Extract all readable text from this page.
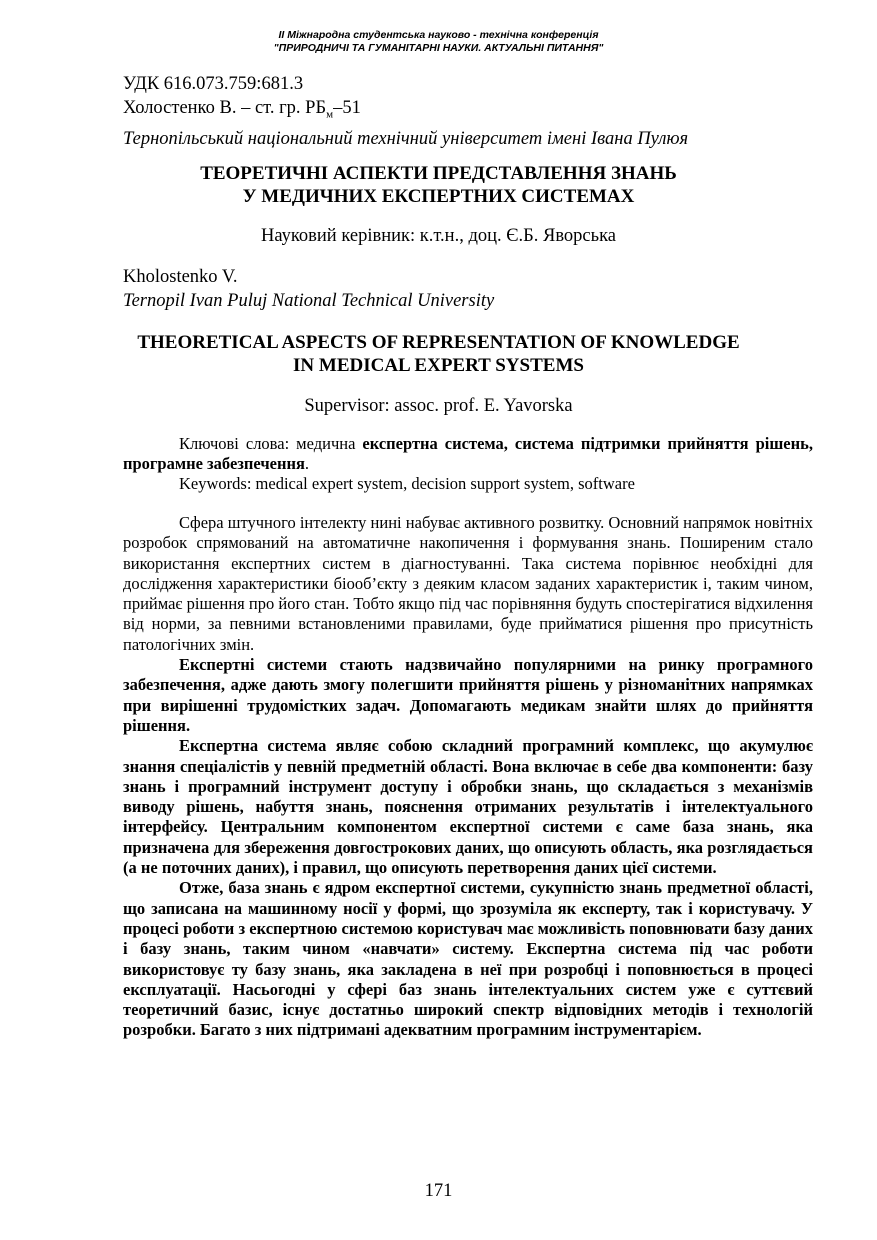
II Міжнародна студентська науково - технічна конференція
"ПРИРОДНИЧІ ТА ГУМАНІТАРНІ НАУКИ. АКТУАЛЬНІ ПИТАННЯ"
УДК 616.073.759:681.3
Холостенко В. – ст. гр. $РБ_м-51$
Тернопільський національний технічний університет імені Івана Пулюя
ТЕОРЕТИЧНІ АСПЕКТИ ПРЕДСТАВЛЕННЯ ЗНАНЬ
У МЕДИЧНИХ ЕКСПЕРТНИХ СИСТЕМАХ
Науковий керівник: к.т.н., доц. Є.Б. Яворська
Kholostenko V.
Ternopil Ivan Puluj National Technical University
THEORETICAL ASPECTS OF REPRESENTATION OF KNOWLEDGE
IN MEDICAL EXPERT SYSTEMS
Supervisor: assoc. prof. E. Yavorska

Ключові слова: медична експертна система, система підтримки прийняття рішень, програмне забезпечення.

Keywords: medical expert system, decision support system, software

Сфера штучного інтелекту нині набуває активного розвитку. Основний напрямок новітніх розробок спрямований на автоматичне накопичення і формування знань. Поширеним стало використання експертних систем в діагностуванні. Така система порівнює необхідні для дослідження характеристики біооб’єкту з деяким класом заданих характеристик і, таким чином, приймає рішення про його стан. Тобто якщо під час порівняння будуть спостерігатися відхилення від норми, за певними встановленими правилами, буде прийматися рішення про присутність патологічних змін.

Експертні системи стають надзвичайно популярними на ринку програмного забезпечення, адже дають змогу полегшити прийняття рішень у різноманітних напрямках при вирішенні трудомістких задач. Допомагають медикам знайти шлях до прийняття рішення.

Експертна система являє собою складний програмний комплекс, що акумулює знання спеціалістів у певній предметній області. Вона включає в себе два компоненти: базу знань і програмний інструмент доступу і обробки знань, що складається з механізмів виводу рішень, набуття знань, пояснення отриманих результатів і інтелектуального інтерфейсу. Центральним компонентом експертної системи є саме база знань, яка призначена для збереження довгострокових даних, що описують область, яка розглядається (а не поточних даних), і правил, що описують перетворення даних цієї системи.

Отже, база знань є ядром експертної системи, сукупністю знань предметної області, що записана на машинному носії у формі, що зрозуміла як експерту, так і користувачу. У процесі роботи з експертною системою користувач має можливість поповнювати базу даних і базу знань, таким чином «навчати» систему. Експертна система під час роботи використовує ту базу знань, яка закладена в неї при розробці і поповнюється в процесі експлуатації. Насьогодні у сфері баз знань інтелектуальних систем уже є суттєвий теоретичний базис, існує достатньо широкий спектр відповідних методів і технологій розробки. Багато з них підтримані адекватним програмним інструментарієм.

171
